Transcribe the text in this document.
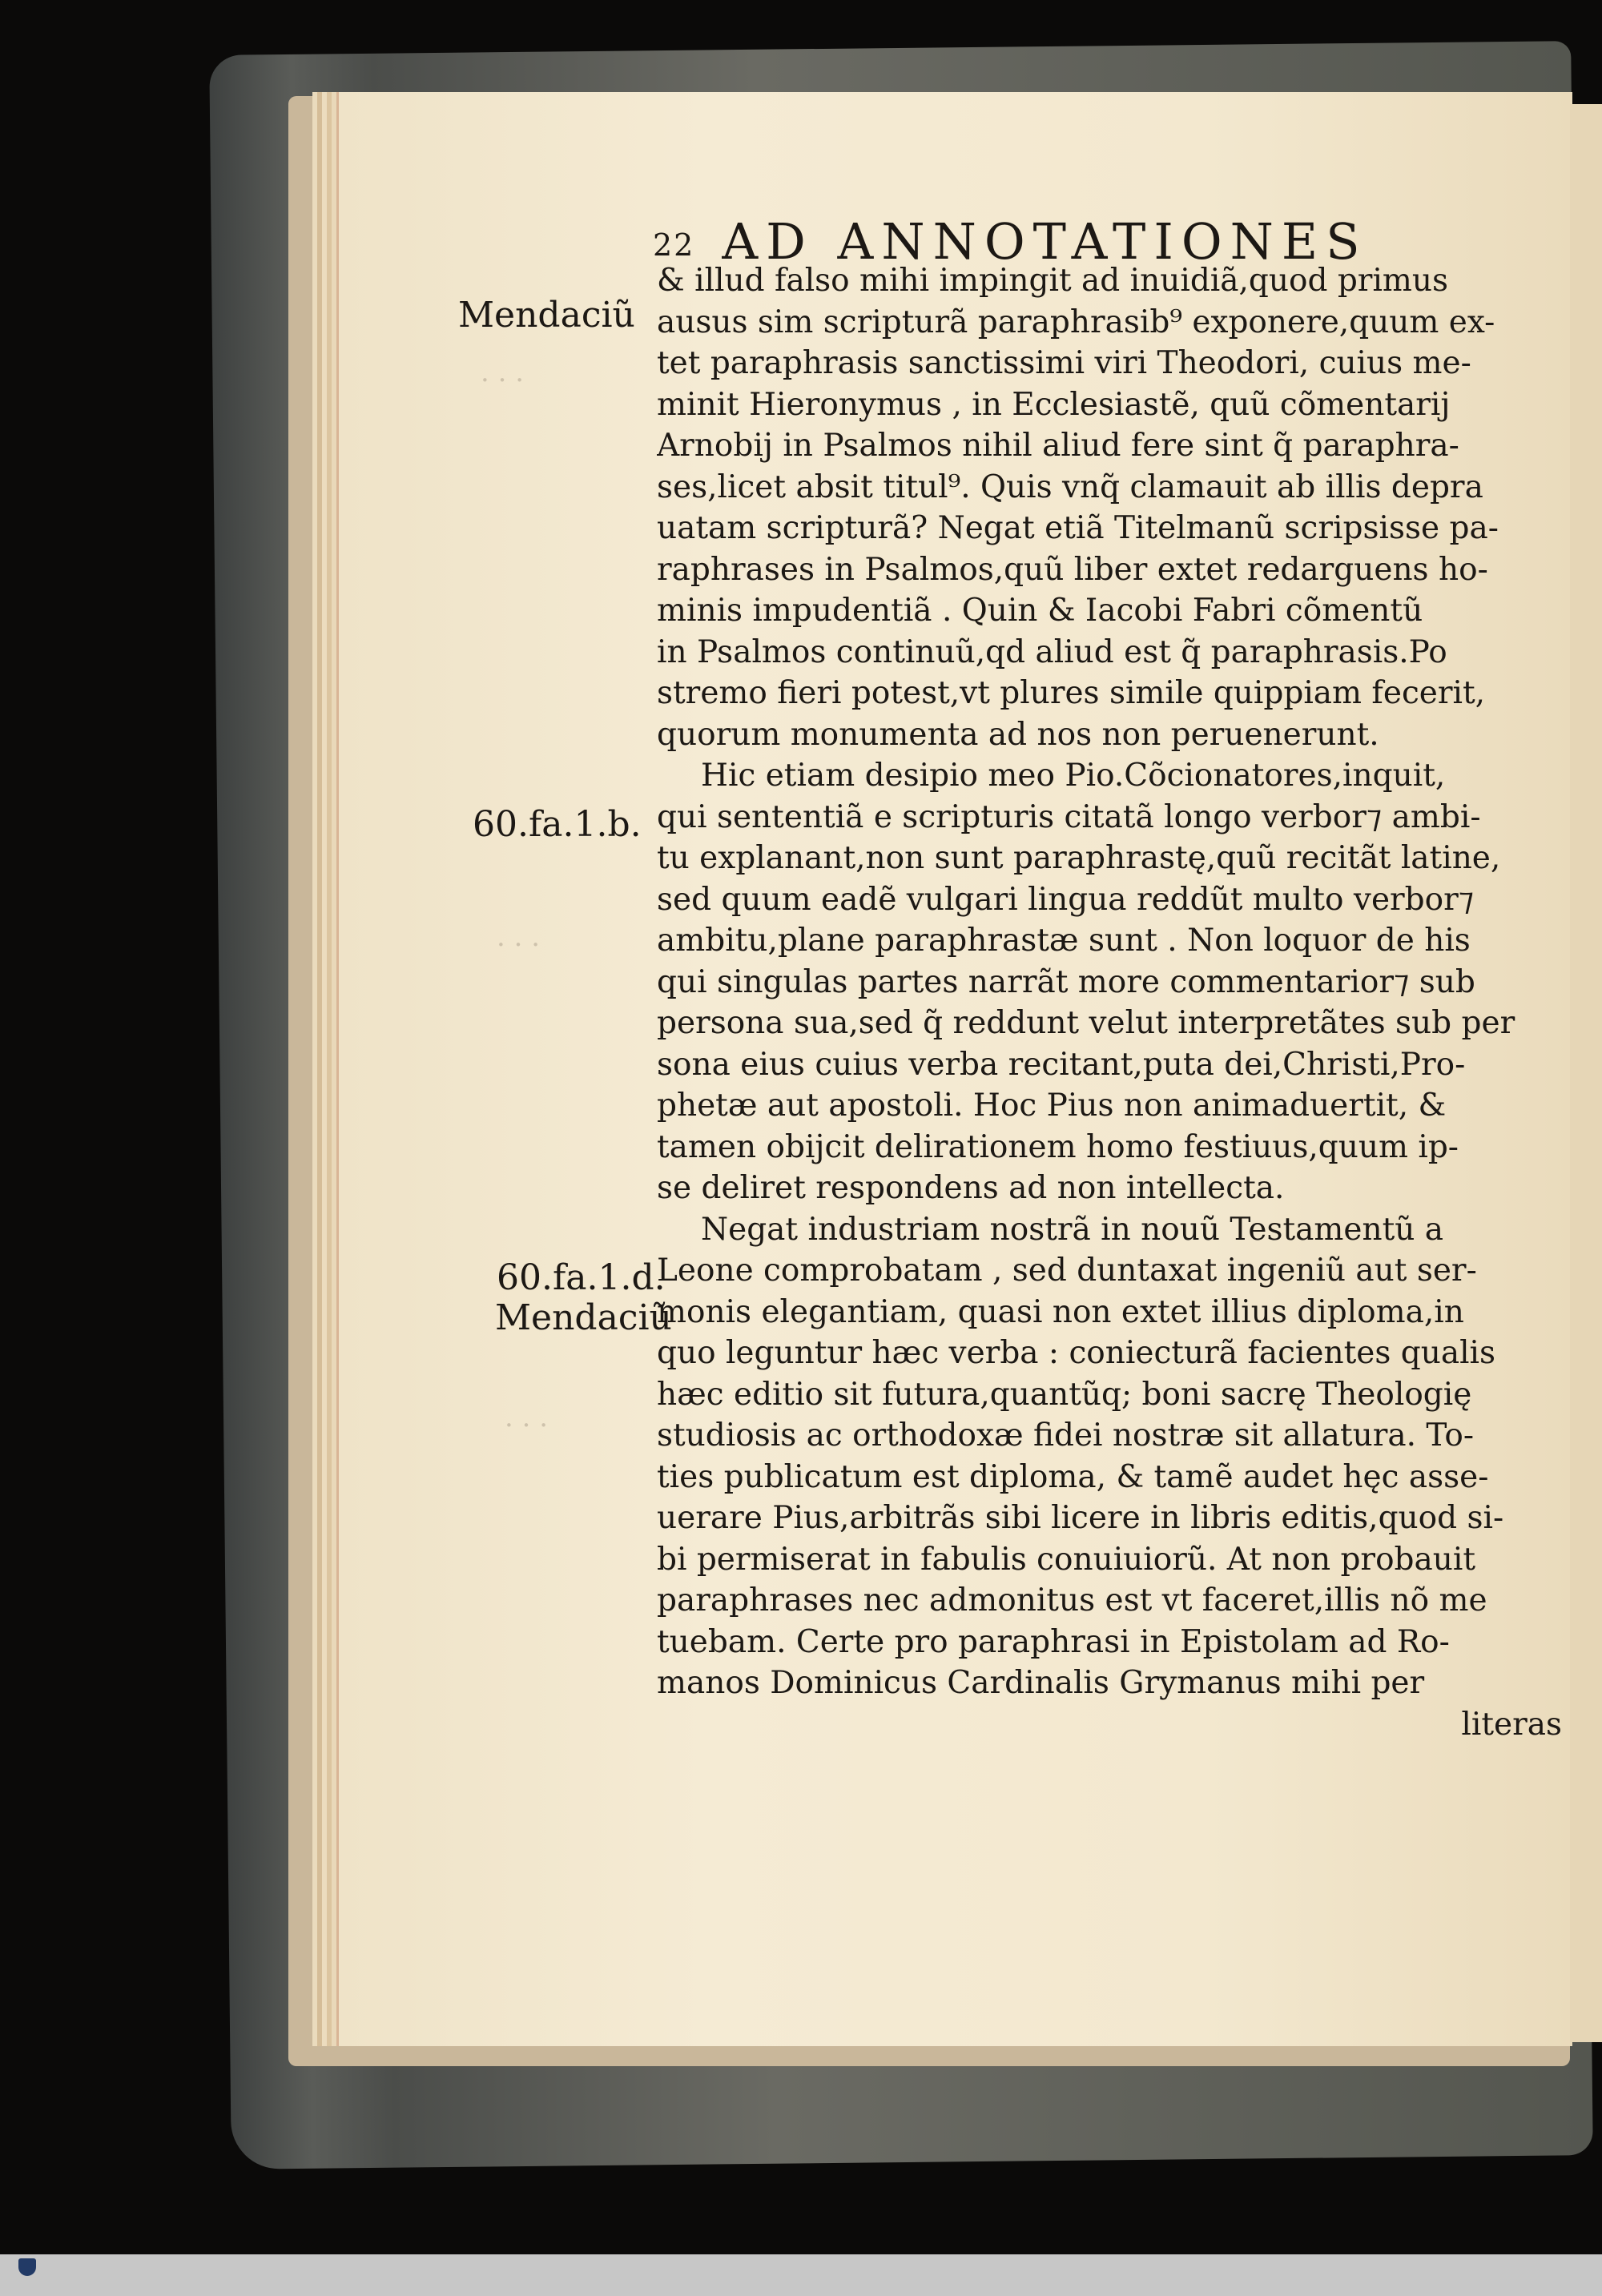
· · ·
· · ·
· · ·
22 AD ANNOTATIONES
Mendaciũ
60.fa.1.b.
60.fa.1.d.
Mendaciũ
& illud falso mihi impingit ad inuidiã,quod primus
ausus sim scripturã paraphrasib⁹ exponere,quum ex-
tet paraphrasis sanctissimi viri Theodori, cuius me-
minit Hieronymus , in Ecclesiastẽ, quũ cõmentarij
Arnobij in Psalmos nihil aliud fere sint q̃ paraphra-
ses,licet absit titul⁹. Quis vnq̃ clamauit ab illis depra
uatam scripturã? Negat etiã Titelmanũ scripsisse pa-
raphrases in Psalmos,quũ liber extet redarguens ho-
minis impudentiã . Quin & Iacobi Fabri cõmentũ
in Psalmos continuũ,qd aliud est q̃ paraphrasis.Po
stremo fieri potest,vt plures simile quippiam fecerit,
quorum monumenta ad nos non peruenerunt.
Hic etiam desipio meo Pio.Cõcionatores,inquit,
qui sententiã e scripturis citatã longo verbor⁊ ambi-
tu explanant,non sunt paraphrastę,quũ recitãt latine,
sed quum eadẽ vulgari lingua reddũt multo verbor⁊
ambitu,plane paraphrastæ sunt . Non loquor de his
qui singulas partes narrãt more commentarior⁊ sub
persona sua,sed q̃ reddunt velut interpretãtes sub per
sona eius cuius verba recitant,puta dei,Christi,Pro-
phetæ aut apostoli. Hoc Pius non animaduertit, &
tamen obijcit delirationem homo festiuus,quum ip-
se deliret respondens ad non intellecta.
Negat industriam nostrã in nouũ Testamentũ a
Leone comprobatam , sed duntaxat ingeniũ aut ser-
monis elegantiam, quasi non extet illius diploma,in
quo leguntur hæc verba : coniecturã facientes qualis
hæc editio sit futura,quantũq; boni sacrę Theologię
studiosis ac orthodoxæ fidei nostræ sit allatura. To-
ties publicatum est diploma, & tamẽ audet hęc asse-
uerare Pius,arbitrãs sibi licere in libris editis,quod si-
bi permiserat in fabulis conuiuiorũ. At non probauit
paraphrases nec admonitus est vt faceret,illis nõ me
tuebam. Certe pro paraphrasi in Epistolam ad Ro-
manos Dominicus Cardinalis Grymanus mihi per
literas
